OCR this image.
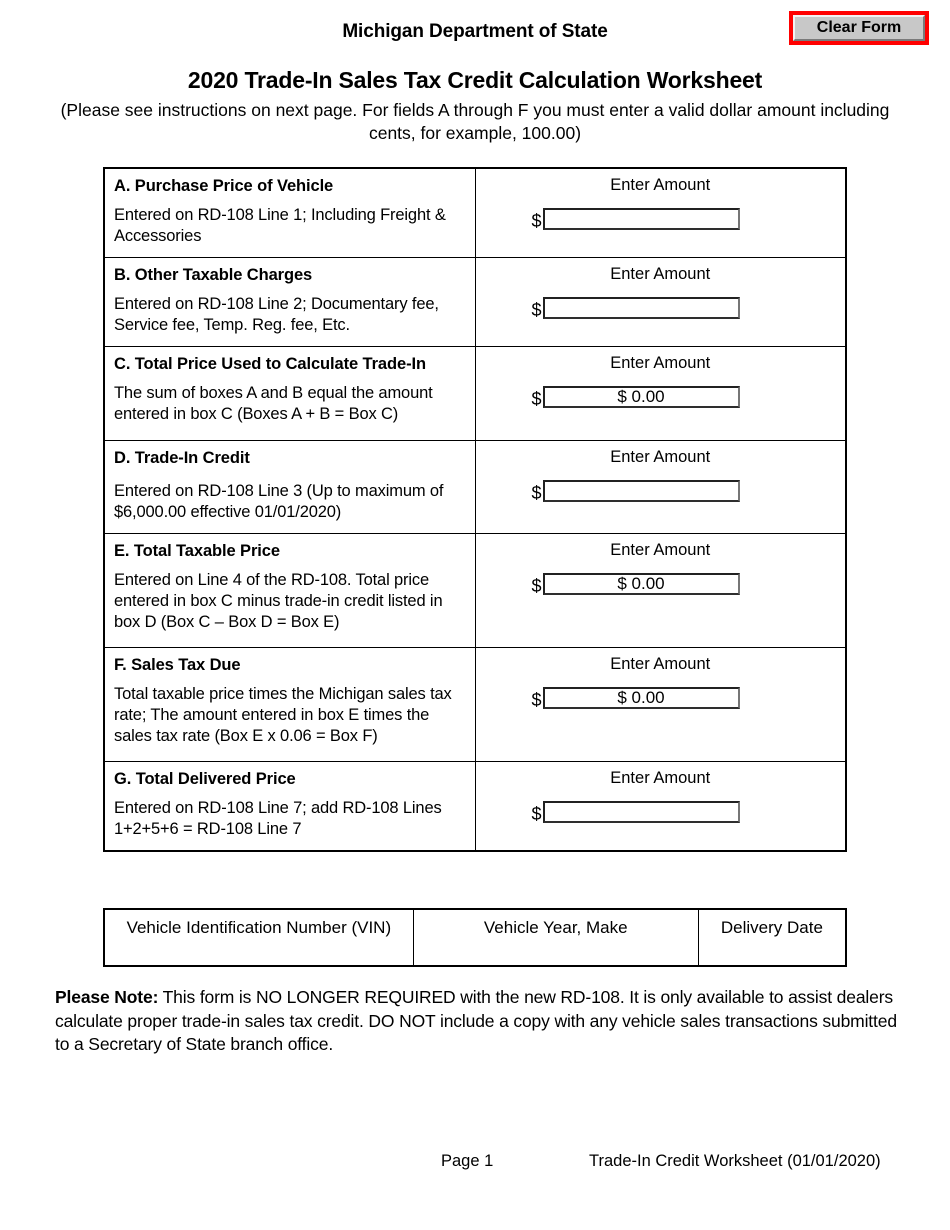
Michigan Department of State	Clear Form
2020 Trade-In Sales Tax Credit Calculation Worksheet
(Please see instructions on next page. For fields A through F you must enter a valid dollar amount including cents, for example, 100.00)
A. Purchase Price of Vehicle
Entered on RD-108 Line 1; Including Freight & Accessories

Enter Amount
$

B. Other Taxable Charges
Entered on RD-108 Line 2; Documentary fee, Service fee, Temp. Reg. fee, Etc.

Enter Amount
$

C. Total Price Used to Calculate Trade-In
The sum of boxes A and B equal the amount entered in box C (Boxes A + B = Box C)

Enter Amount
$
$ 0.00

D. Trade-In Credit
Entered on RD-108 Line 3 (Up to maximum of $6,000.00 effective 01/01/2020)

Enter Amount
$

E. Total Taxable Price
Entered on Line 4 of the RD-108. Total price entered in box C minus trade-in credit listed in box D (Box C – Box D = Box E)

Enter Amount
$
$ 0.00

F. Sales Tax Due
Total taxable price times the Michigan sales tax rate; The amount entered in box E times the sales tax rate (Box E x 0.06 = Box F)

Enter Amount
$
$ 0.00

G. Total Delivered Price
Entered on RD-108 Line 7; add RD-108 Lines 1+2+5+6 = RD-108 Line 7

Enter Amount
$
Vehicle Identification Number (VIN)	Vehicle Year, Make	Delivery Date
Please Note: This form is NO LONGER REQUIRED with the new RD-108. It is only available to assist dealers calculate proper trade-in sales tax credit. DO NOT include a copy with any vehicle sales transactions submitted to a Secretary of State branch office.
Page 1	Trade-In Credit Worksheet (01/01/2020)
